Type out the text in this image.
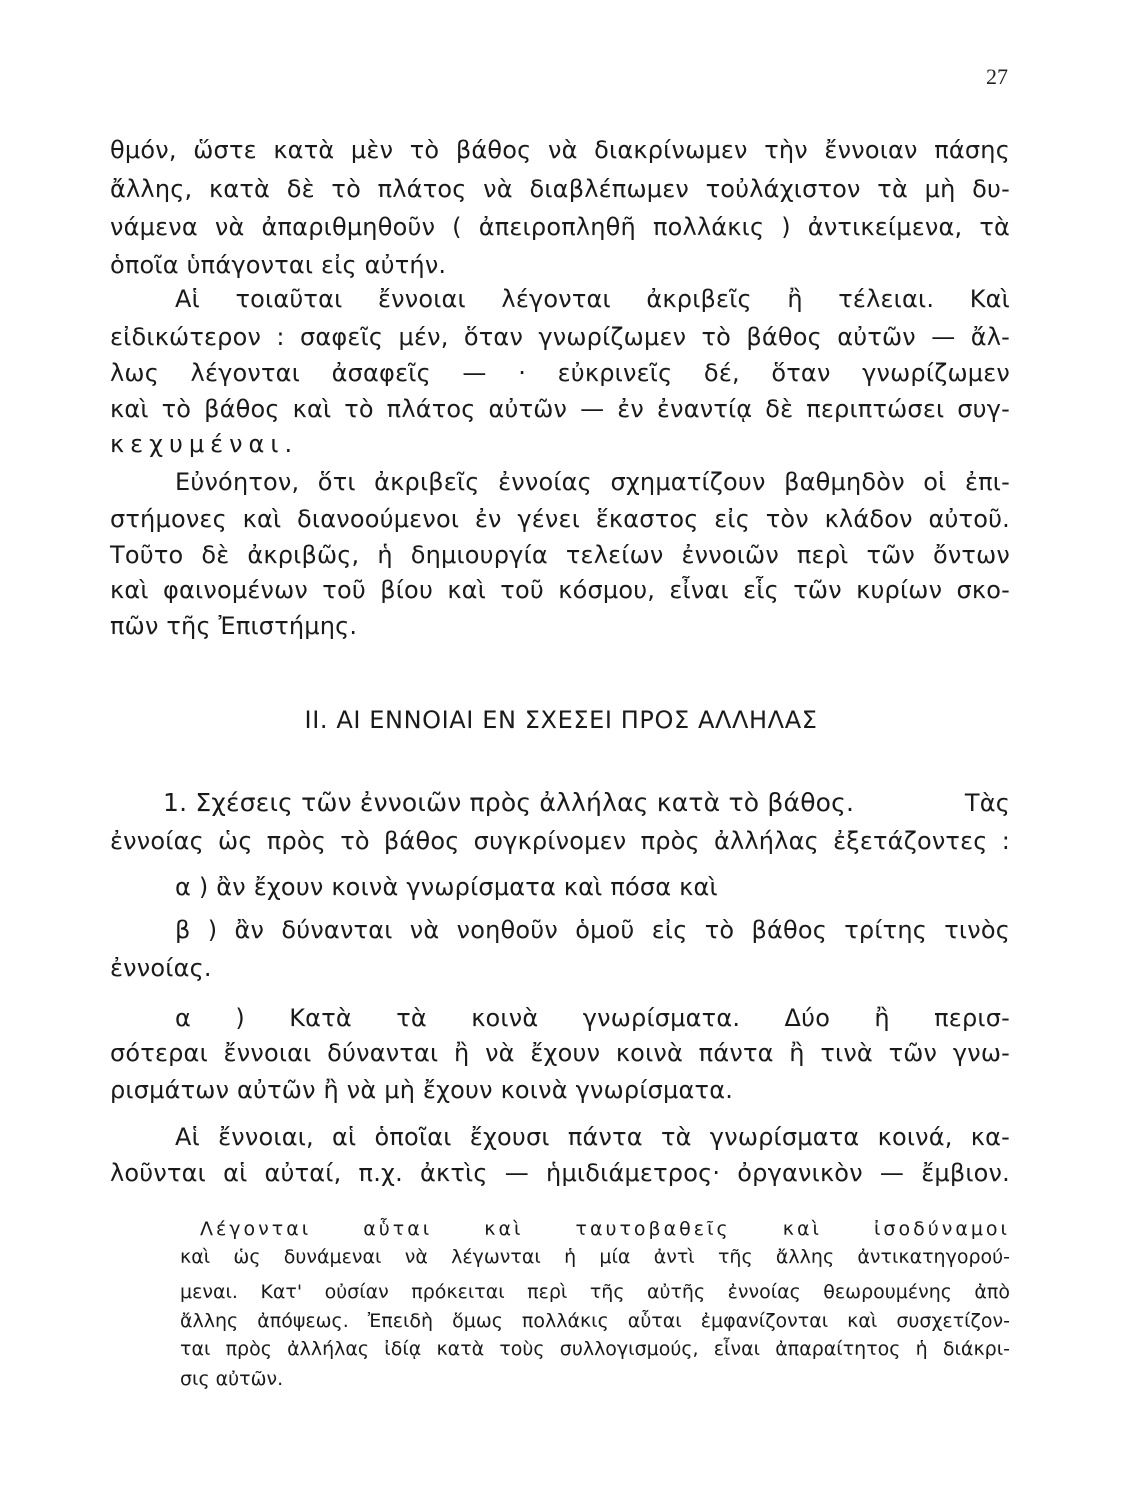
27
θμόν, ὥστε κατὰ μὲν τὸ βάθος νὰ διακρίνωμεν τὴν ἔννοιαν πάσης
ἄλλης, κατὰ δὲ τὸ πλάτος νὰ διαβλέπωμεν τοὐλάχιστον τὰ μὴ δυ-
νάμενα νὰ ἀπαριθμηθοῦν ( ἀπειροπληθῆ πολλάκις ) ἀντικείμενα, τὰ
ὁποῖα ὑπάγονται εἰς αὐτήν.
Αἱ τοιαῦται ἔννοιαι λέγονται ἀκριβεῖς ἢ τέλειαι. Καὶ
εἰδικώτερον : σαφεῖς μέν, ὅταν γνωρίζωμεν τὸ βάθος αὐτῶν — ἄλ-
λως λέγονται ἀσαφεῖς — · εὐκρινεῖς δέ, ὅταν γνωρίζωμεν
καὶ τὸ βάθος καὶ τὸ πλάτος αὐτῶν — ἐν ἐναντίᾳ δὲ περιπτώσει συγ-
κεχυμέναι.
Εὐνόητον, ὅτι ἀκριβεῖς ἐννοίας σχηματίζουν βαθμηδὸν οἱ ἐπι-
στήμονες καὶ διανοούμενοι ἐν γένει ἕκαστος εἰς τὸν κλάδον αὐτοῦ.
Τοῦτο δὲ ἀκριβῶς, ἡ δημιουργία τελείων ἐννοιῶν περὶ τῶν ὄντων
καὶ φαινομένων τοῦ βίου καὶ τοῦ κόσμου, εἶναι εἷς τῶν κυρίων σκο-
πῶν τῆς Ἐπιστήμης.
II. ΑΙ ΕΝΝΟΙΑΙ ΕΝ ΣΧΕΣΕΙ ΠΡΟΣ ΑΛΛΗΛΑΣ
1. Σχέσεις τῶν ἐννοιῶν πρὸς ἀλλήλας κατὰ τὸ βάθος.	Τὰς
ἐννοίας ὡς πρὸς τὸ βάθος συγκρίνομεν πρὸς ἀλλήλας ἐξετάζοντες :
α ) ἂν ἔχουν κοινὰ γνωρίσματα καὶ πόσα καὶ
β ) ἂν δύνανται νὰ νοηθοῦν ὁμοῦ εἰς τὸ βάθος τρίτης τινὸς
ἐννοίας.
α ) Κατὰ τὰ κοινὰ γνωρίσματα. Δύο ἢ περισ-
σότεραι ἔννοιαι δύνανται ἢ νὰ ἔχουν κοινὰ πάντα ἢ τινὰ τῶν γνω-
ρισμάτων αὐτῶν ἢ νὰ μὴ ἔχουν κοινὰ γνωρίσματα.
Αἱ ἔννοιαι, αἱ ὁποῖαι ἔχουσι πάντα τὰ γνωρίσματα κοινά, κα-
λοῦνται αἱ αὐταί, π.χ. ἀκτὶς — ἡμιδιάμετρος· ὀργανικὸν — ἔμβιον.
Λέγονται αὗται καὶ ταυτοβαθεῖς καὶ ἰσοδύναμοι
καὶ ὡς δυνάμεναι νὰ λέγωνται ἡ μία ἀντὶ τῆς ἄλλης ἀντικατηγορού-
μεναι. Κατ' οὐσίαν πρόκειται περὶ τῆς αὐτῆς ἐννοίας θεωρουμένης ἀπὸ
ἄλλης ἀπόψεως. Ἐπειδὴ ὅμως πολλάκις αὗται ἐμφανίζονται καὶ συσχετίζον-
ται πρὸς ἀλλήλας ἰδίᾳ κατὰ τοὺς συλλογισμούς, εἶναι ἀπαραίτητος ἡ διάκρι-
σις αὐτῶν.
